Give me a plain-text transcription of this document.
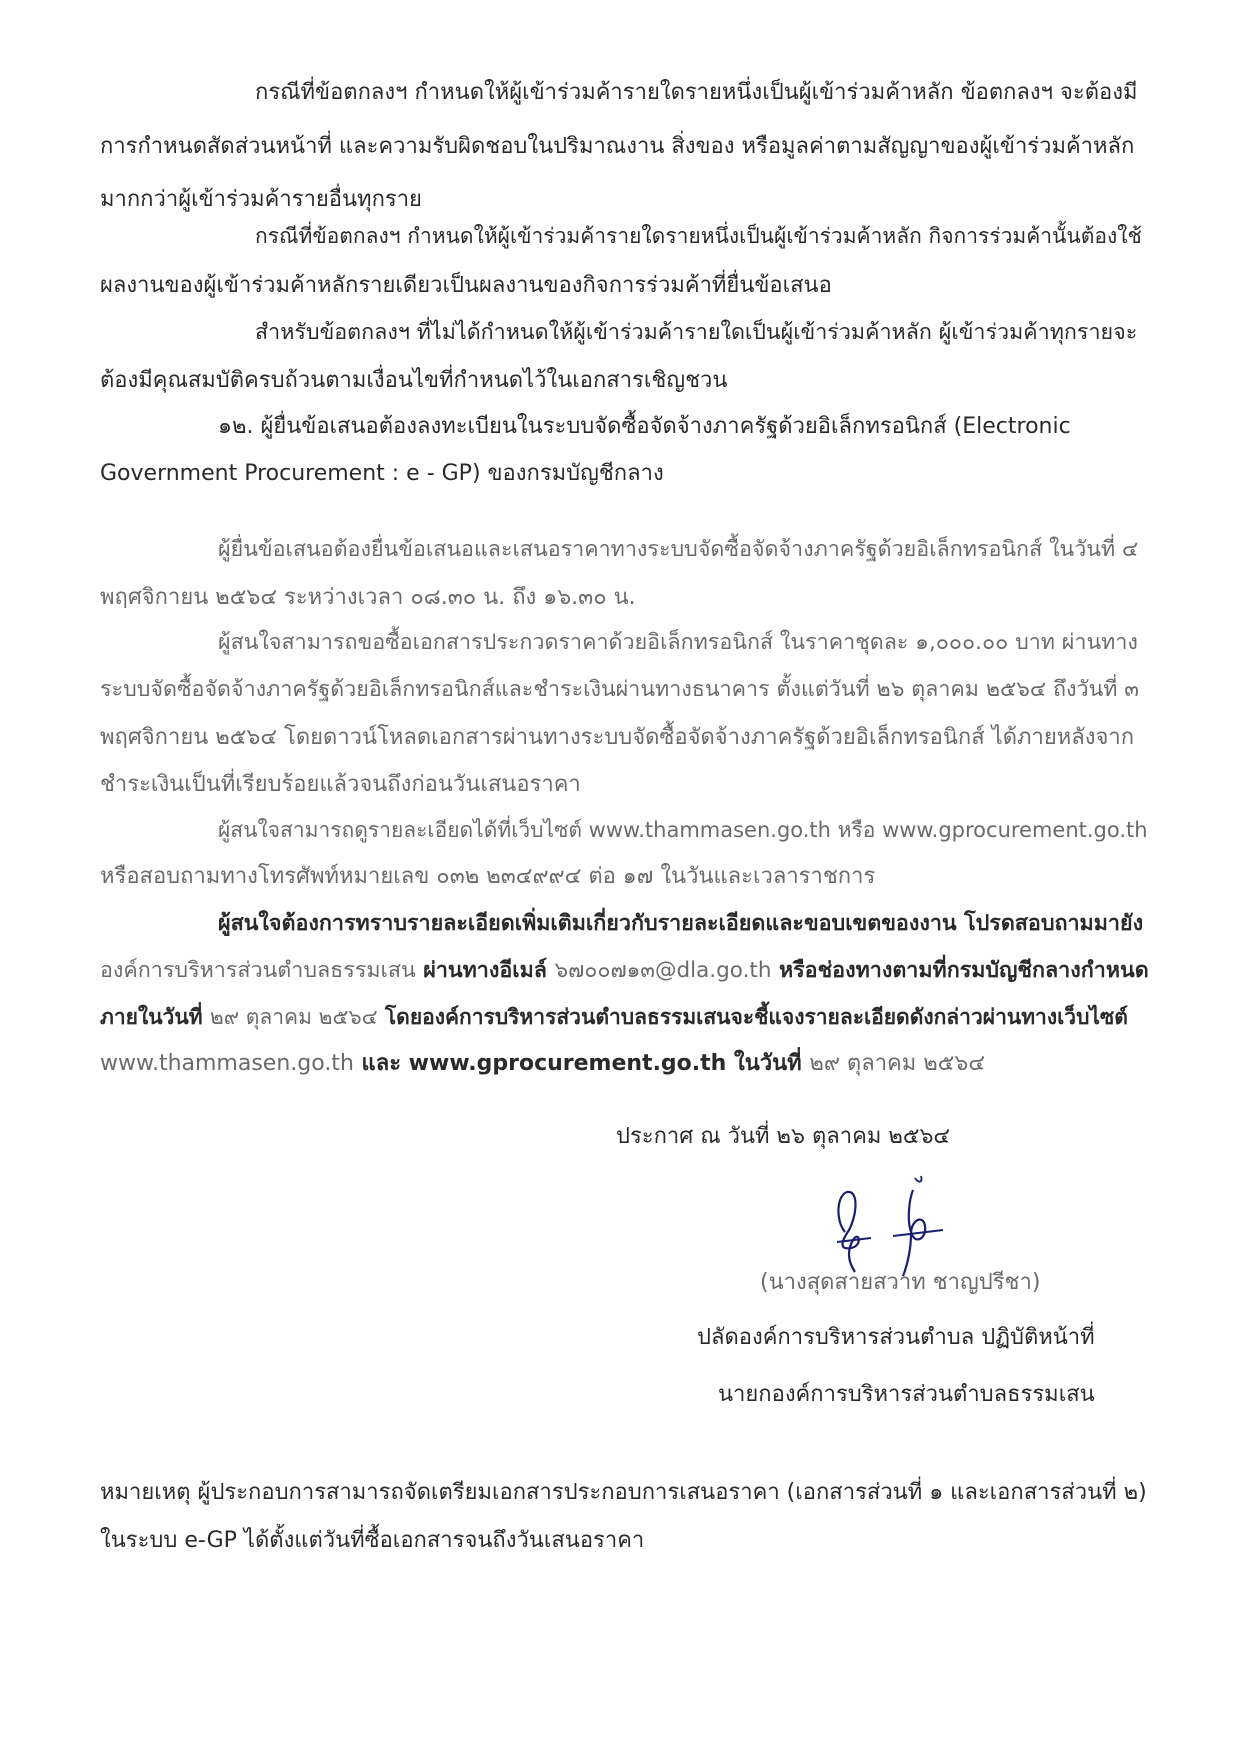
กรณีที่ข้อตกลงฯ กำหนดให้ผู้เข้าร่วมค้ารายใดรายหนึ่งเป็นผู้เข้าร่วมค้าหลัก ข้อตกลงฯ จะต้องมี
การกำหนดสัดส่วนหน้าที่ และความรับผิดชอบในปริมาณงาน สิ่งของ หรือมูลค่าตามสัญญาของผู้เข้าร่วมค้าหลัก
มากกว่าผู้เข้าร่วมค้ารายอื่นทุกราย
กรณีที่ข้อตกลงฯ กำหนดให้ผู้เข้าร่วมค้ารายใดรายหนึ่งเป็นผู้เข้าร่วมค้าหลัก กิจการร่วมค้านั้นต้องใช้
ผลงานของผู้เข้าร่วมค้าหลักรายเดียวเป็นผลงานของกิจการร่วมค้าที่ยื่นข้อเสนอ
สำหรับข้อตกลงฯ ที่ไม่ได้กำหนดให้ผู้เข้าร่วมค้ารายใดเป็นผู้เข้าร่วมค้าหลัก ผู้เข้าร่วมค้าทุกรายจะ
ต้องมีคุณสมบัติครบถ้วนตามเงื่อนไขที่กำหนดไว้ในเอกสารเชิญชวน
๑๒. ผู้ยื่นข้อเสนอต้องลงทะเบียนในระบบจัดซื้อจัดจ้างภาครัฐด้วยอิเล็กทรอนิกส์ (Electronic
Government Procurement : e - GP) ของกรมบัญชีกลาง
ผู้ยื่นข้อเสนอต้องยื่นข้อเสนอและเสนอราคาทางระบบจัดซื้อจัดจ้างภาครัฐด้วยอิเล็กทรอนิกส์ ในวันที่ ๔
พฤศจิกายน ๒๕๖๔ ระหว่างเวลา ๐๘.๓๐ น. ถึง ๑๖.๓๐ น.
ผู้สนใจสามารถขอซื้อเอกสารประกวดราคาด้วยอิเล็กทรอนิกส์ ในราคาชุดละ ๑,๐๐๐.๐๐ บาท ผ่านทาง
ระบบจัดซื้อจัดจ้างภาครัฐด้วยอิเล็กทรอนิกส์และชำระเงินผ่านทางธนาคาร ตั้งแต่วันที่ ๒๖ ตุลาคม ๒๕๖๔ ถึงวันที่ ๓
พฤศจิกายน ๒๕๖๔ โดยดาวน์โหลดเอกสารผ่านทางระบบจัดซื้อจัดจ้างภาครัฐด้วยอิเล็กทรอนิกส์ ได้ภายหลังจาก
ชำระเงินเป็นที่เรียบร้อยแล้วจนถึงก่อนวันเสนอราคา
ผู้สนใจสามารถดูรายละเอียดได้ที่เว็บไซต์ www.thammasen.go.th หรือ www.gprocurement.go.th
หรือสอบถามทางโทรศัพท์หมายเลข ๐๓๒ ๒๓๔๙๙๔ ต่อ ๑๗ ในวันและเวลาราชการ
ผู้สนใจต้องการทราบรายละเอียดเพิ่มเติมเกี่ยวกับรายละเอียดและขอบเขตของงาน โปรดสอบถามมายัง
องค์การบริหารส่วนตำบลธรรมเสน ผ่านทางอีเมล์ ๖๗๐๐๗๑๓@dla.go.th หรือช่องทางตามที่กรมบัญชีกลางกำหนด
ภายในวันที่ ๒๙ ตุลาคม ๒๕๖๔ โดยองค์การบริหารส่วนตำบลธรรมเสนจะชี้แจงรายละเอียดดังกล่าวผ่านทางเว็บไซต์
www.thammasen.go.th และ www.gprocurement.go.th ในวันที่ ๒๙ ตุลาคม ๒๕๖๔
ประกาศ ณ วันที่ ๒๖ ตุลาคม ๒๕๖๔
(นางสุดสายสวาท ชาญปรีชา)
ปลัดองค์การบริหารส่วนตำบล ปฏิบัติหน้าที่
นายกองค์การบริหารส่วนตำบลธรรมเสน
หมายเหตุ ผู้ประกอบการสามารถจัดเตรียมเอกสารประกอบการเสนอราคา (เอกสารส่วนที่ ๑ และเอกสารส่วนที่ ๒)
ในระบบ e-GP ได้ตั้งแต่วันที่ซื้อเอกสารจนถึงวันเสนอราคา
